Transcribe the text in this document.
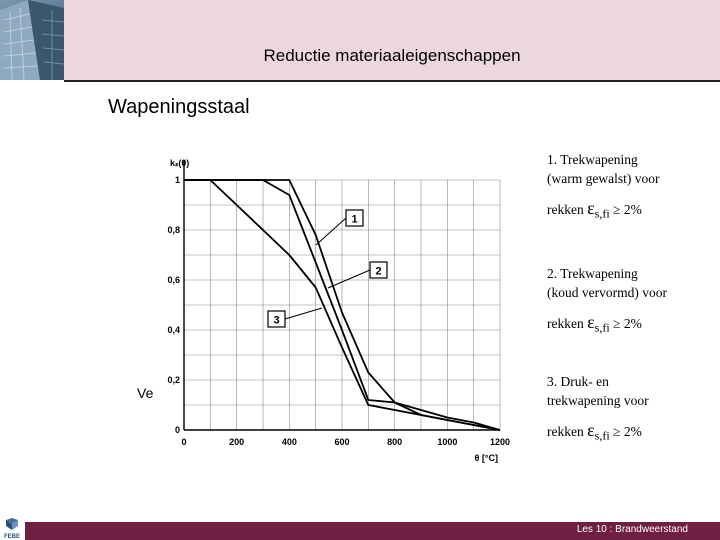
Reductie materiaaleigenschappen
Wapeningsstaal
Ve
0	200	400	600	800	1000	1200
0
0,2
0,4
0,6
0,8
1
kₛ(θ)
θ [°C]
1
2
3
1. Trekwapening
(warm gewalst) voor
rekken $\varepsilon_{s,fi} \ge 2\%$
2. Trekwapening
(koud vervormd) voor
rekken $\varepsilon_{s,fi} \ge 2\%$
3. Druk- en
trekwapening voor
rekken $\varepsilon_{s,fi} \ge 2\%$
FEBE
Les 10 : Brandweerstand
